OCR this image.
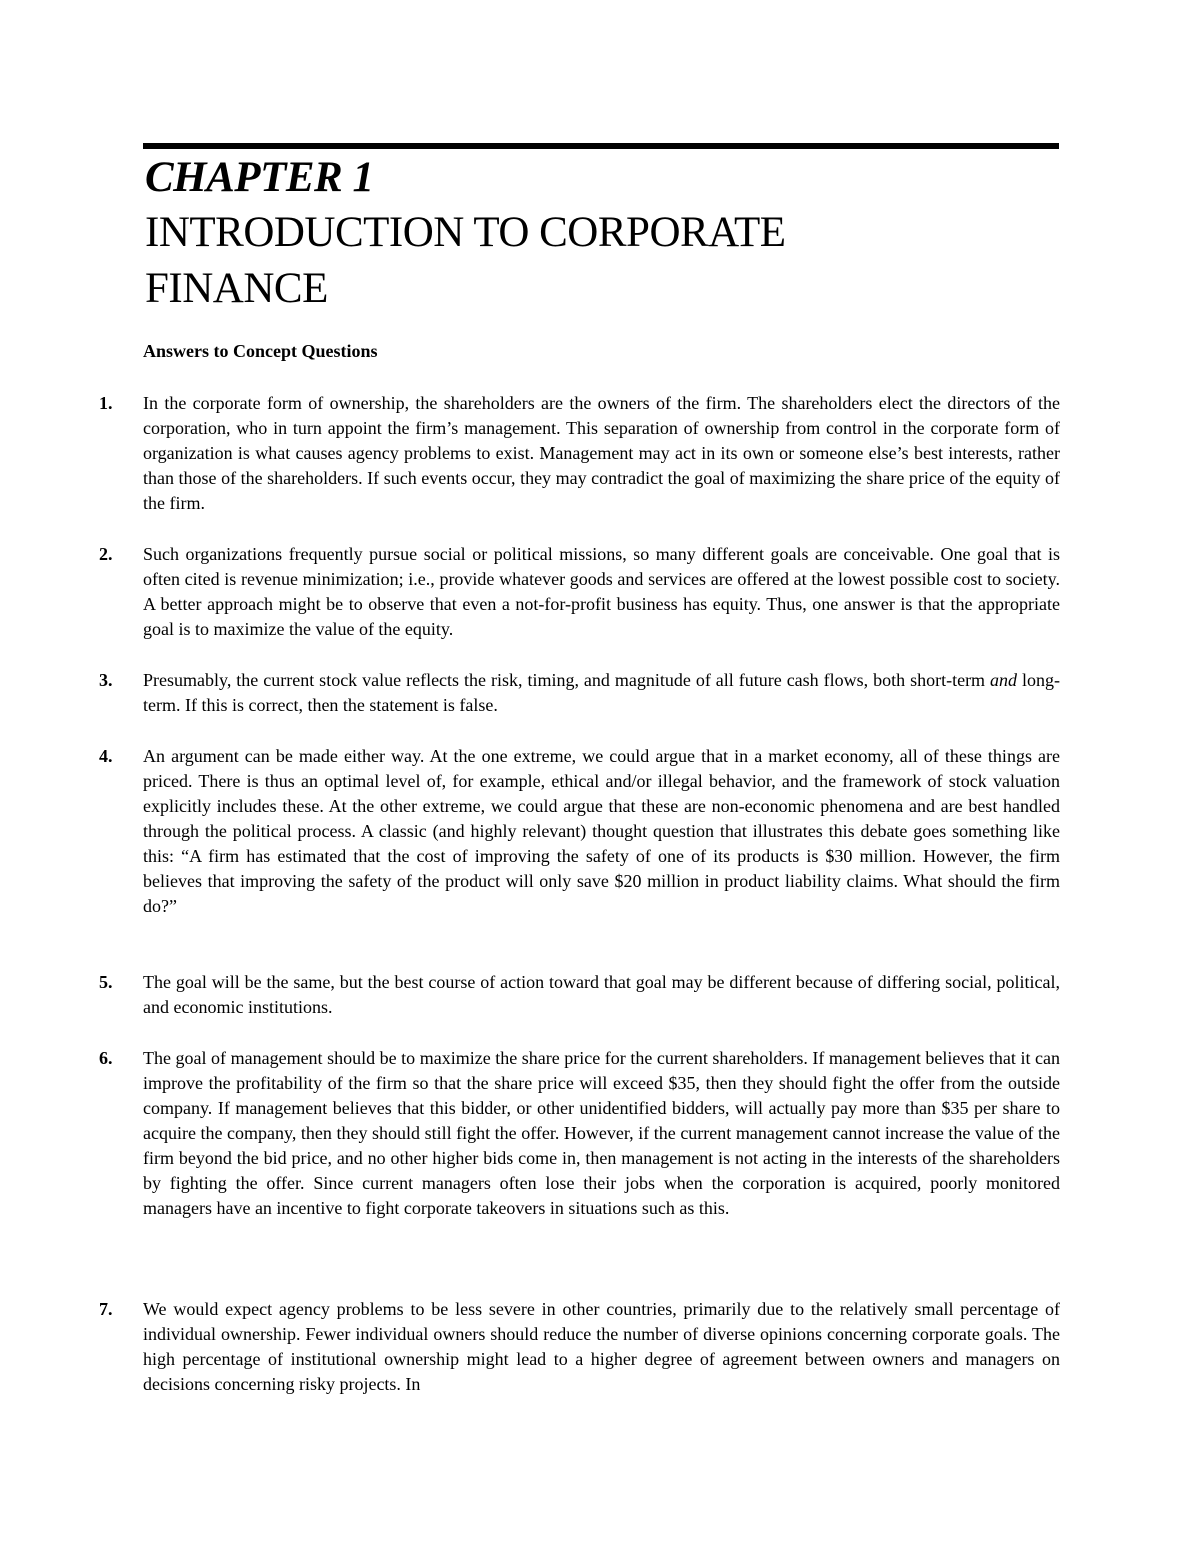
CHAPTER 1
INTRODUCTION TO CORPORATE
FINANCE
Answers to Concept Questions
1. In the corporate form of ownership, the shareholders are the owners of the firm. The shareholders elect the directors of the corporation, who in turn appoint the firm’s management. This separation of ownership from control in the corporate form of organization is what causes agency problems to exist. Management may act in its own or someone else’s best interests, rather than those of the shareholders. If such events occur, they may contradict the goal of maximizing the share price of the equity of the firm.
2. Such organizations frequently pursue social or political missions, so many different goals are conceivable. One goal that is often cited is revenue minimization; i.e., provide whatever goods and services are offered at the lowest possible cost to society. A better approach might be to observe that even a not-for-profit business has equity. Thus, one answer is that the appropriate goal is to maximize the value of the equity.
3. Presumably, the current stock value reflects the risk, timing, and magnitude of all future cash flows, both short-term and long-term. If this is correct, then the statement is false.
4. An argument can be made either way. At the one extreme, we could argue that in a market economy, all of these things are priced. There is thus an optimal level of, for example, ethical and/or illegal behavior, and the framework of stock valuation explicitly includes these. At the other extreme, we could argue that these are non-economic phenomena and are best handled through the political process. A classic (and highly relevant) thought question that illustrates this debate goes something like this: “A firm has estimated that the cost of improving the safety of one of its products is $30 million. However, the firm believes that improving the safety of the product will only save $20 million in product liability claims. What should the firm do?”
5. The goal will be the same, but the best course of action toward that goal may be different because of differing social, political, and economic institutions.
6. The goal of management should be to maximize the share price for the current shareholders. If management believes that it can improve the profitability of the firm so that the share price will exceed $35, then they should fight the offer from the outside company. If management believes that this bidder, or other unidentified bidders, will actually pay more than $35 per share to acquire the company, then they should still fight the offer. However, if the current management cannot increase the value of the firm beyond the bid price, and no other higher bids come in, then management is not acting in the interests of the shareholders by fighting the offer. Since current managers often lose their jobs when the corporation is acquired, poorly monitored managers have an incentive to fight corporate takeovers in situations such as this.
7. We would expect agency problems to be less severe in other countries, primarily due to the relatively small percentage of individual ownership. Fewer individual owners should reduce the number of diverse opinions concerning corporate goals. The high percentage of institutional ownership might lead to a higher degree of agreement between owners and managers on decisions concerning risky projects. In
